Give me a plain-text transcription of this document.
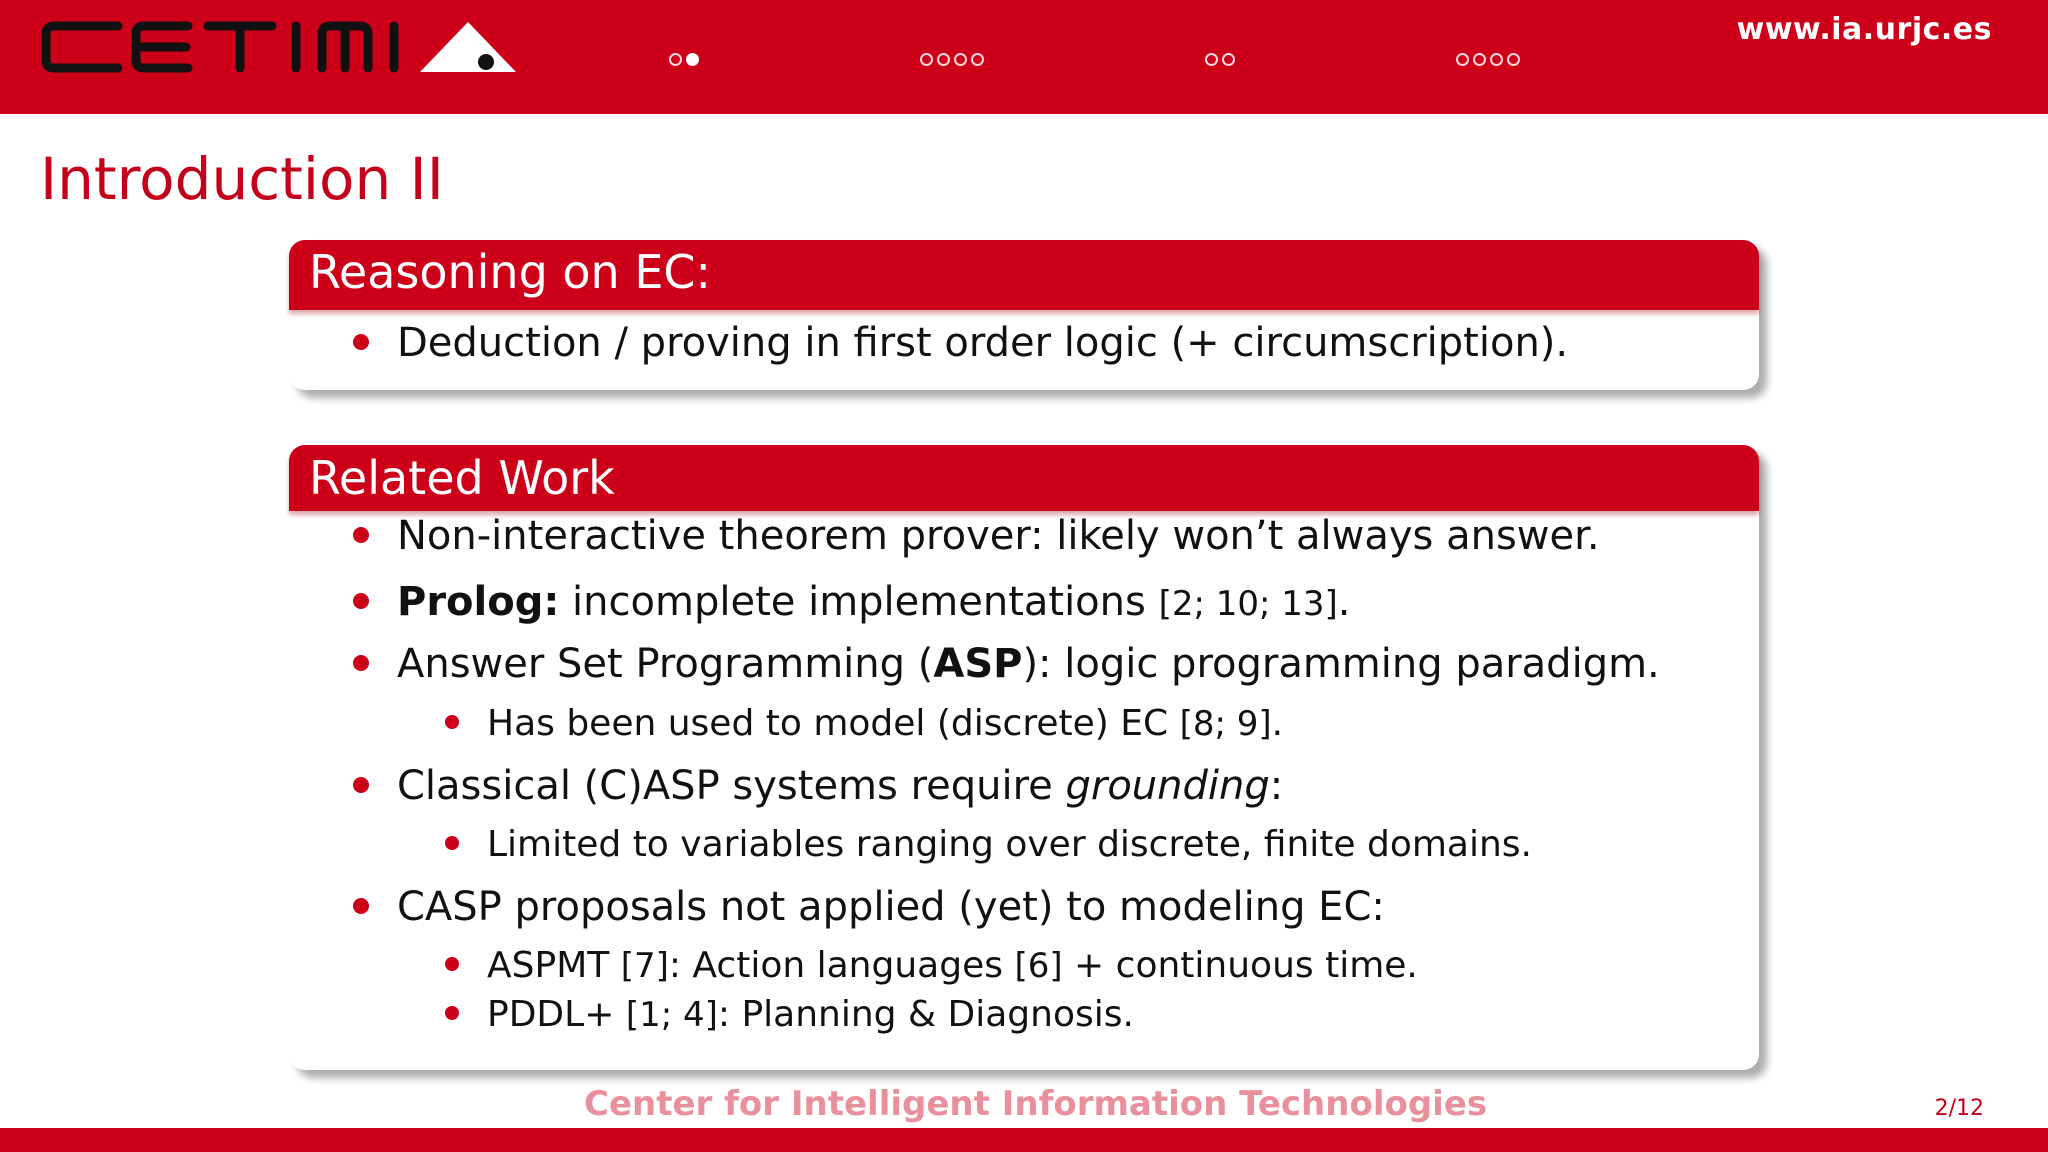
CETINIA	www.ia.urjc.es
Introduction II
Reasoning on EC:
Deduction / proving in first order logic (+ circumscription).
Related Work
Non-interactive theorem prover: likely won’t always answer.
Prolog: incomplete implementations [2; 10; 13].
Answer Set Programming (ASP): logic programming paradigm.
Has been used to model (discrete) EC [8; 9].
Classical (C)ASP systems require grounding:
Limited to variables ranging over discrete, finite domains.
CASP proposals not applied (yet) to modeling EC:
ASPMT [7]: Action languages [6] + continuous time.
PDDL+ [1; 4]: Planning & Diagnosis.
Center for Intelligent Information Technologies	2/12
